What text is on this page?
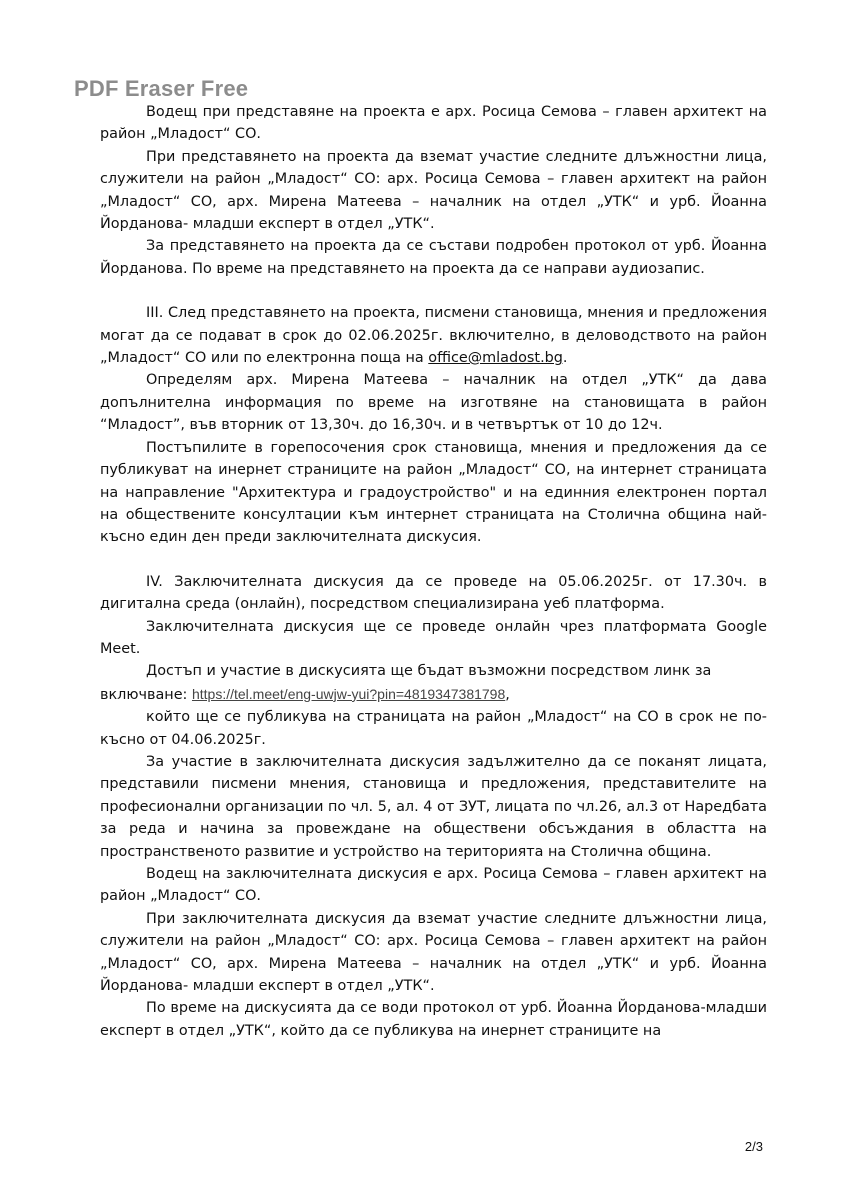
PDF Eraser Free

Водещ при представяне на проекта е арх. Росица Семова – главен архитект на район „Младост“ СО.

При представянето на проекта да вземат участие следните длъжностни лица, служители на район „Младост“ СО: арх. Росица Семова – главен архитект на район „Младост“ СО, арх. Мирена Матеева – началник на отдел „УТК“ и урб. Йоанна Йорданова- младши експерт в отдел „УТК“.

За представянето на проекта да се състави подробен протокол от урб. Йоанна Йорданова. По време на представянето на проекта да се направи аудиозапис.

III. След представянето на проекта, писмени становища, мнения и предложения могат да се подават в срок до 02.06.2025г. включително, в деловодството на район „Младост“ СО или по електронна поща на office@mladost.bg.

Определям арх. Мирена Матеева – началник на отдел „УТК“ да дава допълнителна информация по време на изготвяне на становищата в район “Младост”, във вторник от 13,30ч. до 16,30ч. и в четвъртък от 10 до 12ч.

Постъпилите в горепосочения срок становища, мнения и предложения да се публикуват на инернет страниците на район „Младост“ СО, на интернет страницата на направление "Архитектура и градоустройство" и на единния електронен портал на обществените консултации към интернет страницата на Столична община най-късно един ден преди заключителната дискусия.

IV. Заключителната дискусия да се проведе на 05.06.2025г. от 17.30ч. в дигитална среда (онлайн), посредством специализирана уеб платформа.

Заключителната дискусия ще се проведе онлайн чрез платформата Google Meet.

Достъп и участие в дискусията ще бъдат възможни посредством линк за включване: https://tel.meet/eng-uwjw-yui?pin=4819347381798,

който ще се публикува на страницата на район „Младост“ на СО в срок не по-късно от 04.06.2025г.

За участие в заключителната дискусия задължително да се поканят лицата, представили писмени мнения, становища и предложения, представителите на професионални организации по чл. 5, ал. 4 от ЗУТ, лицата по чл.26, ал.3 от Наредбата за реда и начина за провеждане на обществени обсъждания в областта на пространственото развитие и устройство на територията на Столична община.

Водещ на заключителната дискусия е арх. Росица Семова – главен архитект на район „Младост“ СО.

При заключителната дискусия да вземат участие следните длъжностни лица, служители на район „Младост“ СО: арх. Росица Семова – главен архитект на район „Младост“ СО, арх. Мирена Матеева – началник на отдел „УТК“ и урб. Йоанна Йорданова- младши експерт в отдел „УТК“.

По време на дискусията да се води протокол от урб. Йоанна Йорданова-младши експерт в отдел „УТК“, който да се публикува на инернет страниците на

2/3
